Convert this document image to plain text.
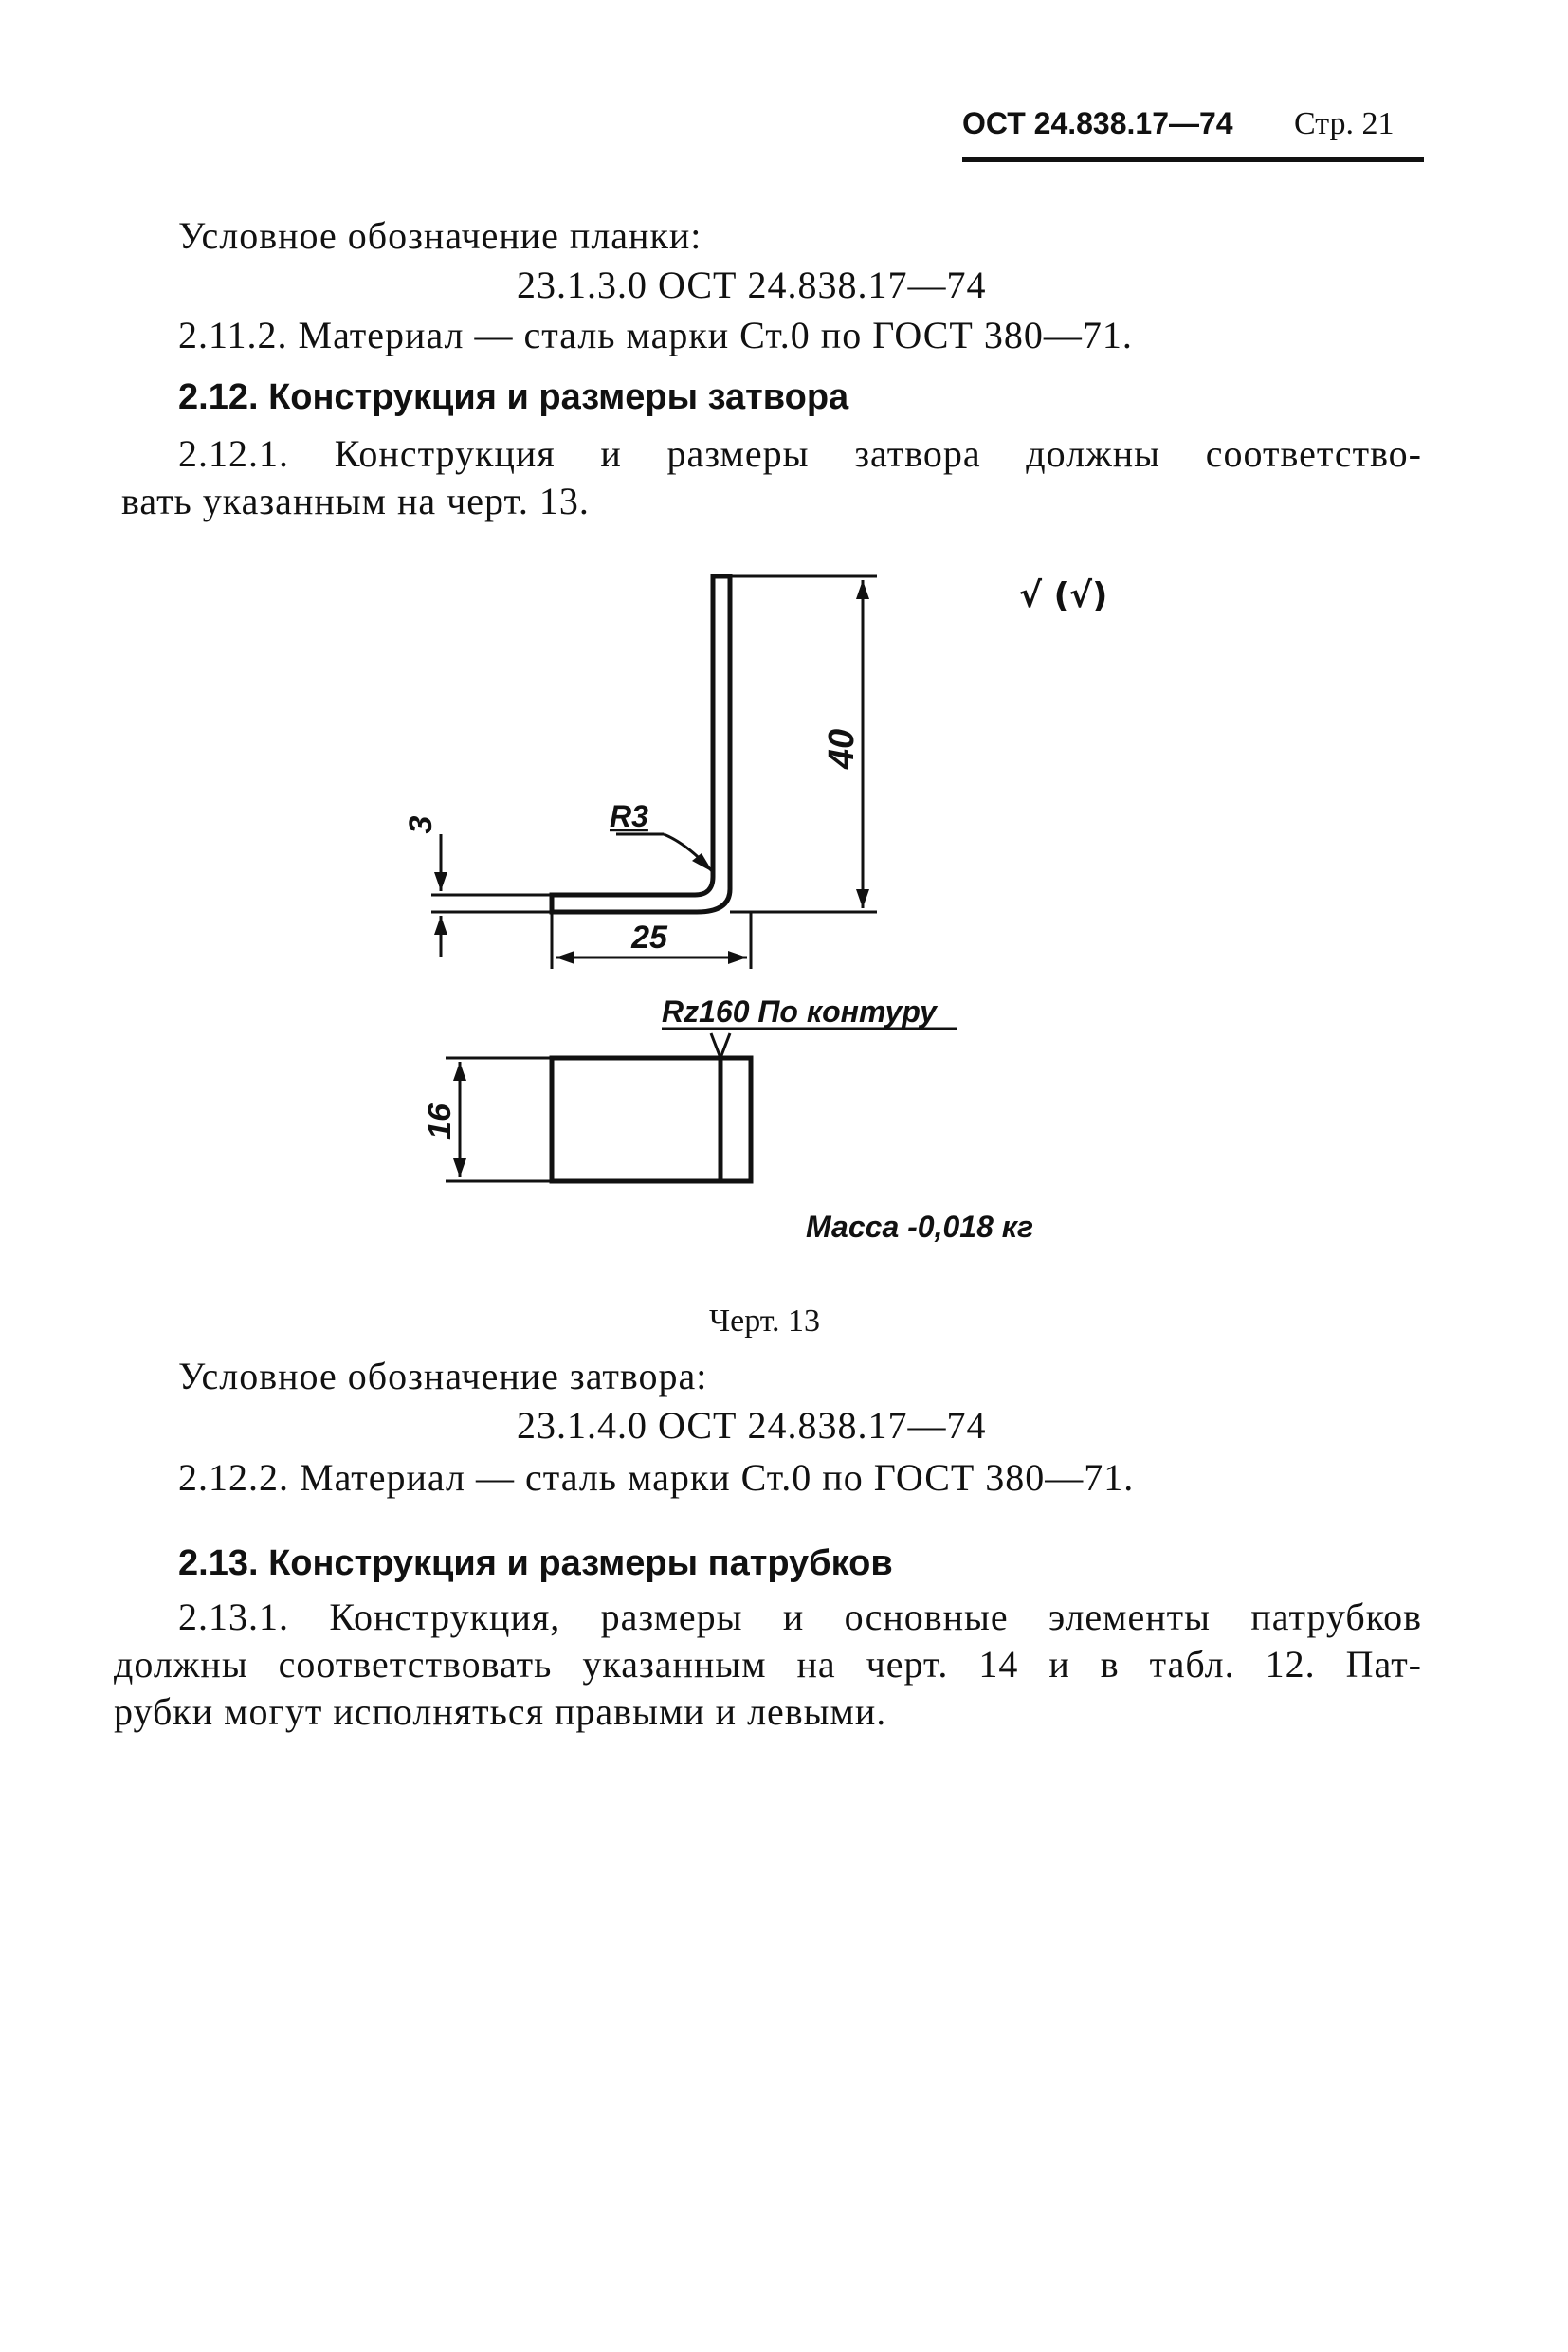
ОСТ 24.838.17—74 Стр. 21
Условное обозначение планки:
23.1.3.0 ОСТ 24.838.17—74
2.11.2. Материал — сталь марки Ст.0 по ГОСТ 380—71.
2.12. Конструкция и размеры затвора
2.12.1. Конструкция и размеры затвора должны соответство-
вать указанным на черт. 13.
40
25
3	R3
16
Rz160 По контуру
√ (√)
Масса -0,018 кг
Черт. 13
Условное обозначение затвора:
23.1.4.0 ОСТ 24.838.17—74
2.12.2. Материал — сталь марки Ст.0 по ГОСТ 380—71.
2.13. Конструкция и размеры патрубков
2.13.1. Конструкция, размеры и основные элементы патрубков
должны соответствовать указанным на черт. 14 и в табл. 12. Пат-
рубки могут исполняться правыми и левыми.
